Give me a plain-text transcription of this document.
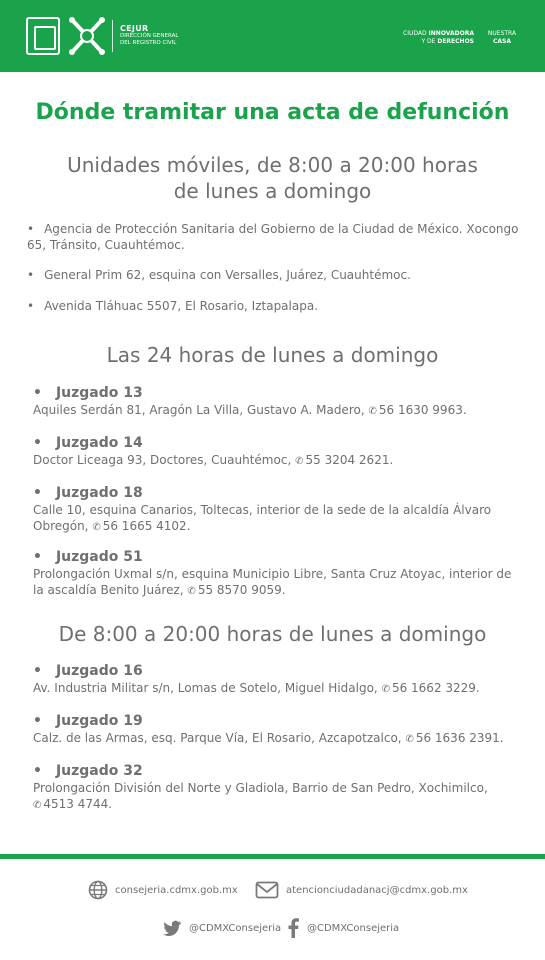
CEJUR
DIRECCIÓN GENERAL
DEL REGISTRO CIVIL
CIUDAD INNOVADORA
Y DE DERECHOS
NUESTRA
CASA
Dónde tramitar una acta de defunción
Unidades móviles, de 8:00 a 20:00 horas
de lunes a domingo
• Agencia de Protección Sanitaria del Gobierno de la Ciudad de México. Xocongo 65, Tránsito, Cuauhtémoc.
• General Prim 62, esquina con Versalles, Juárez, Cuauhtémoc.
• Avenida Tláhuac 5507, El Rosario, Iztapalapa.
Las 24 horas de lunes a domingo
• Juzgado 13
Aquiles Serdán 81, Aragón La Villa, Gustavo A. Madero, ✆ 56 1630 9963.
• Juzgado 14
Doctor Liceaga 93, Doctores, Cuauhtémoc, ✆ 55 3204 2621.
• Juzgado 18
Calle 10, esquina Canarios, Toltecas, interior de la sede de la alcaldía Álvaro Obregón, ✆ 56 1665 4102.
• Juzgado 51
Prolongación Uxmal s/n, esquina Municipio Libre, Santa Cruz Atoyac, interior de la ascaldía Benito Juárez, ✆ 55 8570 9059.
De 8:00 a 20:00 horas de lunes a domingo
• Juzgado 16
Av. Industria Militar s/n, Lomas de Sotelo, Miguel Hidalgo, ✆ 56 1662 3229.
• Juzgado 19
Calz. de las Armas, esq. Parque Vía, El Rosario, Azcapotzalco, ✆ 56 1636 2391.
• Juzgado 32
Prolongación División del Norte y Gladiola, Barrio de San Pedro, Xochimilco, ✆ 4513 4744.
consejeria.cdmx.gob.mx	atencionciudadanacj@cdmx.gob.mx
@CDMXConsejeria	@CDMXConsejeria
